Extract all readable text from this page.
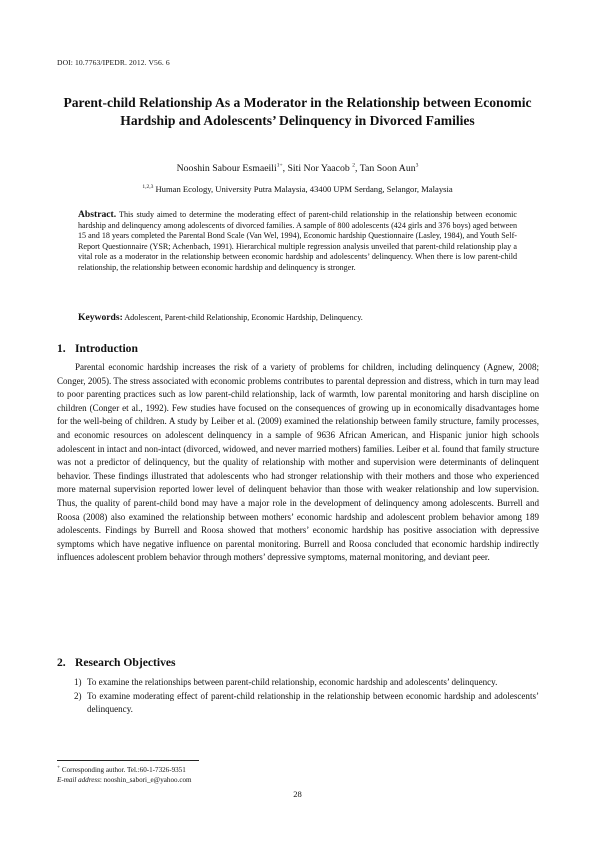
DOI: 10.7763/IPEDR. 2012. V56. 6
Parent-child Relationship As a Moderator in the Relationship between Economic Hardship and Adolescents’ Delinquency in Divorced Families
Nooshin Sabour Esmaeili$^{1+}$, Siti Nor Yaacob $^2$, Tan Soon Aun$^3$
$^{1,2,3}$ Human Ecology, University Putra Malaysia, 43400 UPM Serdang, Selangor, Malaysia
Abstract. This study aimed to determine the moderating effect of parent-child relationship in the relationship between economic hardship and delinquency among adolescents of divorced families. A sample of 800 adolescents (424 girls and 376 boys) aged between 15 and 18 years completed the Parental Bond Scale (Van Wel, 1994), Economic hardship Questionnaire (Lasley, 1984), and Youth Self-Report Questionnaire (YSR; Achenbach, 1991). Hierarchical multiple regression analysis unveiled that parent-child relationship play a vital role as a moderator in the relationship between economic hardship and adolescents’ delinquency. When there is low parent-child relationship, the relationship between economic hardship and delinquency is stronger.
Keywords: Adolescent, Parent-child Relationship, Economic Hardship, Delinquency.
1. Introduction
Parental economic hardship increases the risk of a variety of problems for children, including delinquency (Agnew, 2008; Conger, 2005). The stress associated with economic problems contributes to parental depression and distress, which in turn may lead to poor parenting practices such as low parent-child relationship, lack of warmth, low parental monitoring and harsh discipline on children (Conger et al., 1992). Few studies have focused on the consequences of growing up in economically disadvantages home for the well-being of children. A study by Leiber et al. (2009) examined the relationship between family structure, family processes, and economic resources on adolescent delinquency in a sample of 9636 African American, and Hispanic junior high schools adolescent in intact and non-intact (divorced, widowed, and never married mothers) families. Leiber et al. found that family structure was not a predictor of delinquency, but the quality of relationship with mother and supervision were determinants of delinquent behavior. These findings illustrated that adolescents who had stronger relationship with their mothers and those who experienced more maternal supervision reported lower level of delinquent behavior than those with weaker relationship and low supervision. Thus, the quality of parent-child bond may have a major role in the development of delinquency among adolescents. Burrell and Roosa (2008) also examined the relationship between mothers’ economic hardship and adolescent problem behavior among 189 adolescents. Findings by Burrell and Roosa showed that mothers’ economic hardship has positive association with depressive symptoms which have negative influence on parental monitoring. Burrell and Roosa concluded that economic hardship indirectly influences adolescent problem behavior through mothers’ depressive symptoms, maternal monitoring, and deviant peer.
2. Research Objectives
1) To examine the relationships between parent-child relationship, economic hardship and adolescents’ delinquency.
2) To examine moderating effect of parent-child relationship in the relationship between economic hardship and adolescents’ delinquency.
+ Corresponding author. Tel.:60-1-7326-9351
E-mail address: nooshin_sabori_e@yahoo.com
28
